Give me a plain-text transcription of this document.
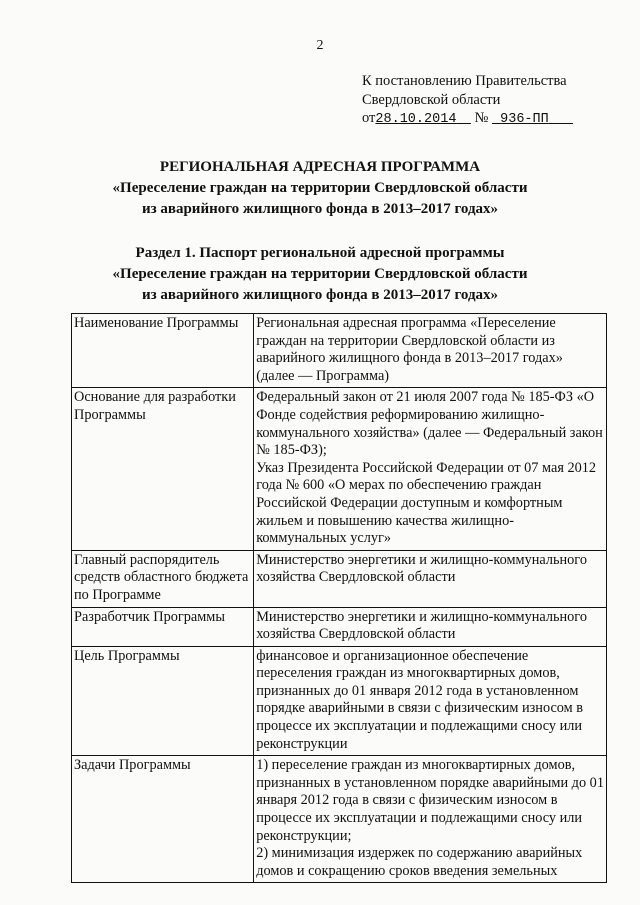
2
К постановлению Правительства
Свердловской области
от28.10.2014 № 936-ПП
РЕГИОНАЛЬНАЯ АДРЕСНАЯ ПРОГРАММА
«Переселение граждан на территории Свердловской области
из аварийного жилищного фонда в 2013–2017 годах»
Раздел 1. Паспорт региональной адресной программы
«Переселение граждан на территории Свердловской области
из аварийного жилищного фонда в 2013–2017 годах»
Наименование Программы	Региональная адресная программа «Переселение граждан на территории Свердловской области из аварийного жилищного фонда в 2013–2017 годах» (далее — Программа)
Основание для разработки Программы	Федеральный закон от 21 июля 2007 года № 185-ФЗ «О Фонде содействия реформированию жилищно-коммунального хозяйства» (далее — Федеральный закон № 185-ФЗ);
Указ Президента Российской Федерации от 07 мая 2012 года № 600 «О мерах по обеспечению граждан Российской Федерации доступным и комфортным жильем и повышению качества жилищно-коммунальных услуг»

Главный распорядитель средств областного бюджета по Программе	Министерство энергетики и жилищно-коммунального хозяйства Свердловской области
Разработчик Программы	Министерство энергетики и жилищно-коммунального хозяйства Свердловской области
Цель Программы	финансовое и организационное обеспечение переселения граждан из многоквартирных домов, признанных до 01 января 2012 года в установленном порядке аварийными в связи с физическим износом в процессе их эксплуатации и подлежащими сносу или реконструкции
Задачи Программы	1) переселение граждан из многоквартирных домов, признанных в установленном порядке аварийными до 01 января 2012 года в связи с физическим износом в процессе их эксплуатации и подлежащими сносу или реконструкции;
2) минимизация издержек по содержанию аварийных домов и сокращению сроков введения земельных
